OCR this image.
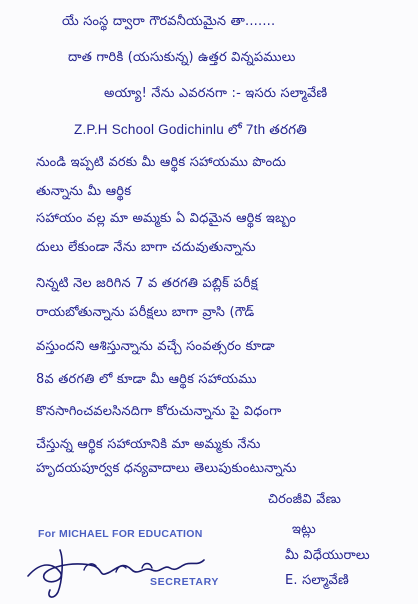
యే సంస్థ ద్వారా గౌరవనీయమైన తా.......
దాత గారికి (యసుకున్న) ఉత్తర విన్నపములు
అయ్యా! నేను ఎవరనగా :- ఇసరు సల్మావేణి
Z.P.H School Godichinlu లో 7th తరగతి
నుండి ఇప్పటి వరకు మీ ఆర్థిక సహాయము పొందు
తున్నాను మీ ఆర్థిక
సహాయం వల్ల మా అమ్మకు ఏ విధమైన ఆర్థిక ఇబ్బం
దులు లేకుండా నేను బాగా చదువుతున్నాను
నిన్నటి నెల జరిగిన 7 వ తరగతి పబ్లిక్ పరీక్ష
రాయబోతున్నాను పరీక్షలు బాగా వ్రాసి (గౌడ్
వస్తుందని ఆశిస్తున్నాను వచ్చే సంవత్సరం కూడా
8వ తరగతి లో కూడా మీ ఆర్థిక సహాయము
కొనసాగించవలసినదిగా కోరుచున్నాను పై విధంగా
చేస్తున్న ఆర్థిక సహాయానికి మా అమ్మకు నేను
హృదయపూర్వక ధన్యవాదాలు తెలుపుకుంటున్నాను
చిరంజీవి వేణు
ఇట్లు
మీ విధేయురాలు
E. సల్మావేణి
For MICHAEL FOR EDUCATION
SECRETARY
